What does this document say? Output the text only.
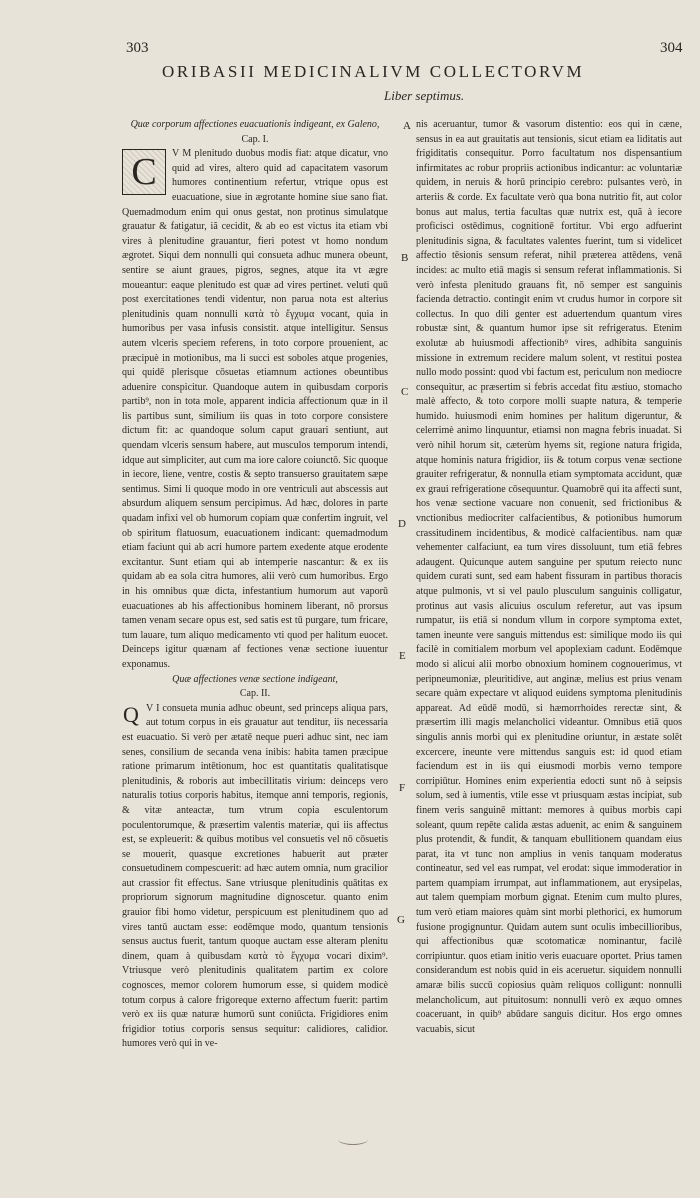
303	304
ORIBASII MEDICINALIVM COLLECTORVM
Liber septimus.

Quæ corporum affectiones euacuationis indigeant, ex Galeno,

Cap. I.

C	V M plenitudo duobus modis fiat: atque dicatur, vno quid ad vires, altero quid ad capacitatem vasorum humores continentium refertur, vtrique opus est euacuatione, siue in ægrotante homine siue sano fiat. Quemadmodum enim qui onus gestat, non protinus simulatque grauatur & fatigatur, iã cecidit, & ab eo est victus ita etiam vbi vires à plenitudine grauantur, fieri potest vt homo nondum ægrotet. Siqui dem nonnulli qui consueta adhuc munera obeunt, sentire se aiunt graues, pigros, segnes, atque ita vt ægre moueantur: eaque plenitudo est quæ ad vires pertinet. veluti quū post exercitationes tendi videntur, non parua nota est alterius plenitudinis quam nonnulli κατὰ τὸ ἔγχυμα vocant, quia in humoribus per vasa infusis consistit. atque intelligitur. Sensus autem vlceris speciem referens, in toto corpore prouenient, ac præcipuè in motionibus, ma li succi est soboles atque progenies, qui quidē plerisque cōsuetas etiamnum actiones obeuntibus aduenire conspicitur. Quandoque autem in quibusdam corporis partib⁹, non in tota mole, apparent indicia affectionum quæ in il lis partibus sunt, similium iis quas in toto corpore consistere dictum fit: ac quandoque solum caput grauari sentiunt, aut quendam vlceris sensum habere, aut musculos temporum intendi, idque aut simpliciter, aut cum ma iore calore coiunctō. Sic quoque in iecore, liene, ventre, costis & septo transuerso grauitatem sæpe sentimus. Simi li quoque modo in ore ventriculi aut abscessis aut absurdum aliquem sensum percipimus. Ad hæc, dolores in parte quadam infixi vel ob humorum copiam quæ confertim ingruit, vel ob spiritum flatuosum, euacuationem indicant: quemadmodum etiam faciunt qui ab acri humore partem exedente atque erodente excitantur. Sunt etiam qui ab intemperie nascantur: & ex iis quidam ab ea sola citra humores, alii verò cum humoribus. Ergo in his omnibus quæ dicta, infestantium humorum aut vaporū euacuationes ab his affectionibus hominem liberant, nō prorsus tamen venam secare opus est, sed satis est tū purgare, tum fricare, tum lauare, tum aliquo medicamento vti quod per halitum euocet. Deinceps igitur quænam af fectiones venæ sectione iuuentur exponamus.

Quæ affectiones venæ sectione indigeant,

Cap. II.

Q V I consueta munia adhuc obeunt, sed princeps aliqua pars, aut totum corpus in eis grauatur aut tenditur, iis necessaria est euacuatio. Si verò per ætatē neque pueri adhuc sint, nec iam senes, consilium de secanda vena inibis: habita tamen præcipue ratione primarum intētionum, hoc est quantitatis qualitatisque plenitudinis, & roboris aut imbecillitatis virium: deinceps vero naturalis totius corporis habitus, itemque anni temporis, regionis, & vitæ anteactæ, tum vtrum copia esculentorum poculentorumque, & præsertim valentis materiæ, qui iis affectus est, se expleuerit: & quibus motibus vel consuetis vel nō cōsuetis se mouerit, quasque excretiones habuerit aut præter consuetudinem compescuerit: ad hæc autem omnia, num gracilior aut crassior fit effectus. Sane vtriusque plenitudinis quātitas ex propriorum signorum magnitudine dignoscetur. quanto enim grauior fibi homo videtur, perspicuum est plenitudinem quo ad vires tantū auctam esse: eodēmque modo, quantum tensionis sensus auctus fuerit, tantum quoque auctam esse alteram plenitu dinem, quam à quibusdam κατὰ τὸ ἔγχυμα vocari dixim⁹. Vtriusque verò plenitudinis qualitatem partim ex colore cognosces, memor colorem humorum esse, si quidem modicè totum corpus à calore frigoreque externo affectum fuerit: partim verò ex iis quæ naturæ humorū sunt coniūcta. Frigidiores enim frigidior totius corporis sensus sequitur: calidiores, calidior. humores verò qui in ve-

nis aceruantur, tumor & vasorum distentio: eos qui in cæne, sensus in ea aut grauitatis aut tensionis, sicut etiam ea liditatis aut frigiditatis consequitur. Porro facultatum nos dispensantium infirmitates ac robur propriis actionibus indicantur: ac voluntariæ quidem, in neruis & horū principio cerebro: pulsantes verò, in arteriis & corde. Ex facultate verò qua bona nutritio fit, aut color bonus aut malus, tertia facultas quæ nutrix est, quã à iecore proficisci ostēdimus, cognitionē fortitur. Vbi ergo adfuerint plenitudinis signa, & facultates valentes fuerint, tum si videlicet affectio tēsionis sensum referat, nihil præterea attēdens, venā incides: ac multo etiā magis si sensum referat inflammationis. Si verò infesta plenitudo grauans fit, nō semper est sanguinis facienda detractio. contingit enim vt crudus humor in corpore sit collectus. In quo dili genter est aduertendum quantum vires robustæ sint, & quantum humor ipse sit refrigeratus. Etenim exolutæ ab huiusmodi affectionib⁹ vires, adhibita sanguinis missione in extremum recidere malum solent, vt restitui postea nullo modo possint: quod vbi factum est, periculum non mediocre consequitur, ac præsertim si febris accedat fitu æstiuo, stomacho malè affecto, & toto corpore molli suapte natura, & temperie humido. huiusmodi enim homines per halitum digeruntur, & celerrimè animo linquuntur, etiamsi non magna febris inuadat. Si verò nihil horum sit, cæterùm hyems sit, regione natura frigida, atque hominis natura frigidior, iis & totum corpus venæ sectione grauiter refrigeratur, & nonnulla etiam symptomata accidunt, quæ ex graui refrigeratione cōsequuntur. Quamobrē qui ita affecti sunt, hos venæ sectione vacuare non conuenit, sed frictionibus & vnctionibus mediocriter calfacientibus, & potionibus humorum crassitudinem incidentibus, & modicè calfacientibus. nam quæ vehementer calfaciunt, ea tum vires dissoluunt, tum etiā febres adaugent. Quicunque autem sanguine per sputum reiecto nunc quidem curati sunt, sed eam habent fissuram in partibus thoracis atque pulmonis, vt si vel paulo plusculum sanguinis colligatur, protinus aut vasis alicuius osculum referetur, aut vas ipsum rumpatur, iis etiā si nondum vllum in corpore symptoma extet, tamen ineunte vere sanguis mittendus est: similique modo iis qui facilè in comitialem morbum vel apoplexiam cadunt. Eodēmque modo si alicui alii morbo obnoxium hominem cognouerimus, vt peripneumoniæ, pleuritidive, aut anginæ, melius est prius venam secare quàm expectare vt aliquod euidens symptoma plenitudinis appareat. Ad eūdē modū, si hæmorrhoides rerectæ sint, & præsertim illi magis melancholici videantur. Omnibus etiā quos singulis annis morbi qui ex plenitudine oriuntur, in æstate solēt excercere, ineunte vere mittendus sanguis est: id quod etiam faciendum est in iis qui eiusmodi morbis verno tempore corripiūtur. Homines enim experientia edocti sunt nō à seipsis solum, sed à iumentis, vtile esse vt priusquam æstas incipiat, sub finem veris sanguinē mittant: memores à quibus morbis capi soleant, quum repēte calida æstas aduenit, ac enim & sanguinem plus protendit, & fundit, & tanquam ebullitionem quandam eius parat, ita vt tunc non amplius in venis tanquam moderatus contineatur, sed vel eas rumpat, vel erodat: sique immoderatior in partem quampiam irrumpat, aut inflammationem, aut erysipelas, aut talem quempiam morbum gignat. Etenim cum multo plures, tum verò etiam maiores quàm sint morbi plethorici, ex humorum fusione progignuntur. Quidam autem sunt oculis imbecillioribus, qui affectionibus quæ scotomaticæ nominantur, facilè corripiuntur. quos etiam initio veris euacuare oportet. Prius tamen considerandum est nobis quid in eis aceruetur. siquidem nonnulli amaræ bilis succū copiosius quàm reliquos colligunt: nonnulli melancholicum, aut pituitosum: nonnulli verò ex æquo omnes coaceruant, in quib⁹ abūdare sanguis dicitur. Hos ergo omnes vacuabis, sicut

A
B
C
D
E
F
G
